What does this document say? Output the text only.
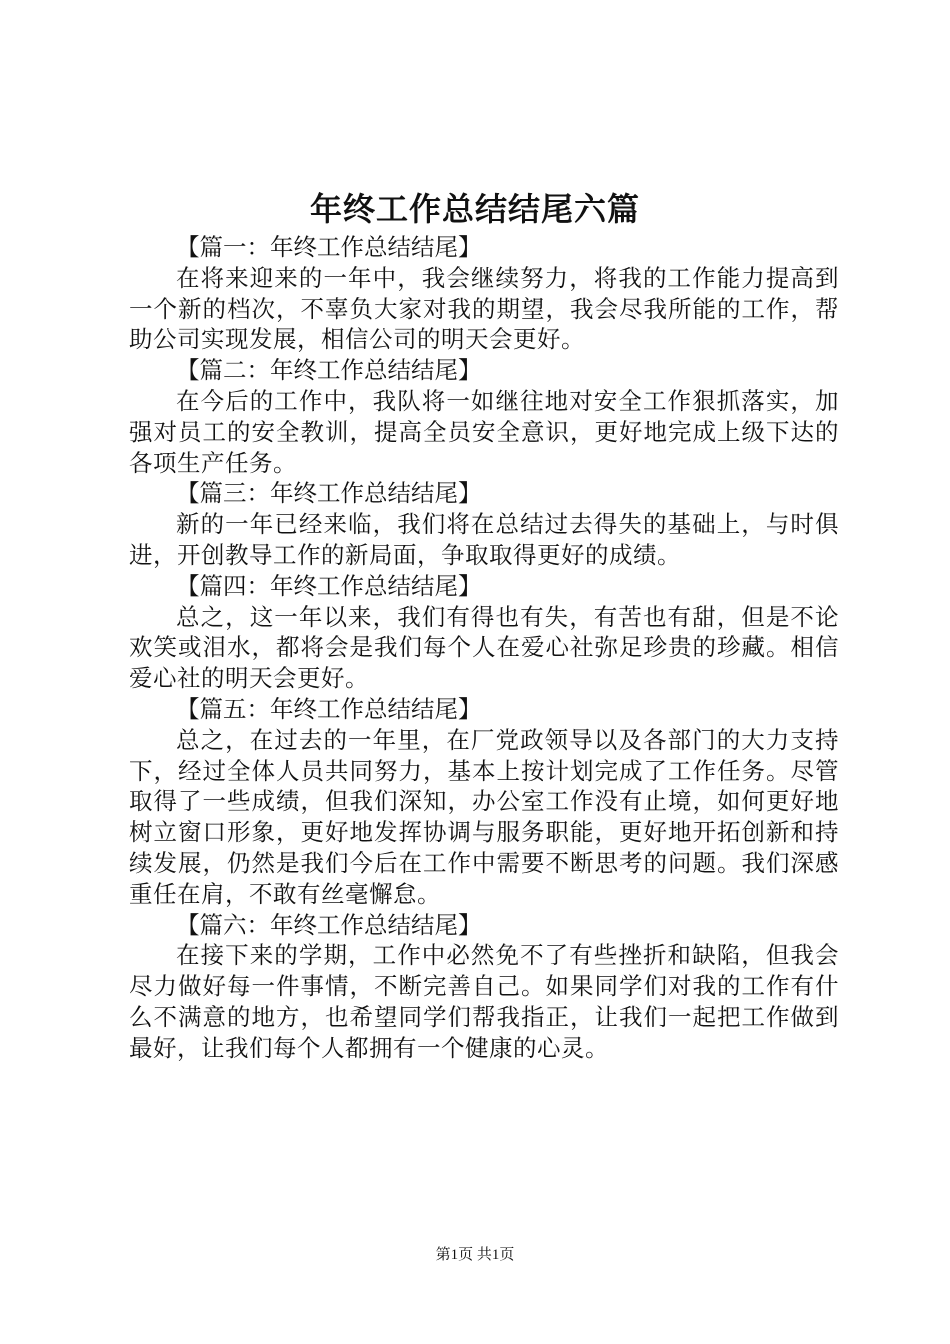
年终工作总结结尾六篇

【篇一：年终工作总结结尾】

在将来迎来的一年中，我会继续努力，将我的工作能力提高到一个新的档次，不辜负大家对我的期望，我会尽我所能的工作，帮助公司实现发展，相信公司的明天会更好。

【篇二：年终工作总结结尾】

在今后的工作中，我队将一如继往地对安全工作狠抓落实，加强对员工的安全教训，提高全员安全意识，更好地完成上级下达的各项生产任务。

【篇三：年终工作总结结尾】

新的一年已经来临，我们将在总结过去得失的基础上，与时俱进，开创教导工作的新局面，争取取得更好的成绩。

【篇四：年终工作总结结尾】

总之，这一年以来，我们有得也有失，有苦也有甜，但是不论欢笑或泪水，都将会是我们每个人在爱心社弥足珍贵的珍藏。相信爱心社的明天会更好。

【篇五：年终工作总结结尾】

总之，在过去的一年里，在厂党政领导以及各部门的大力支持下，经过全体人员共同努力，基本上按计划完成了工作任务。尽管取得了一些成绩，但我们深知，办公室工作没有止境，如何更好地树立窗口形象，更好地发挥协调与服务职能，更好地开拓创新和持续发展，仍然是我们今后在工作中需要不断思考的问题。我们深感重任在肩，不敢有丝毫懈怠。

【篇六：年终工作总结结尾】

在接下来的学期，工作中必然免不了有些挫折和缺陷，但我会尽力做好每一件事情，不断完善自己。如果同学们对我的工作有什么不满意的地方，也希望同学们帮我指正，让我们一起把工作做到最好，让我们每个人都拥有一个健康的心灵。

第1页 共1页
